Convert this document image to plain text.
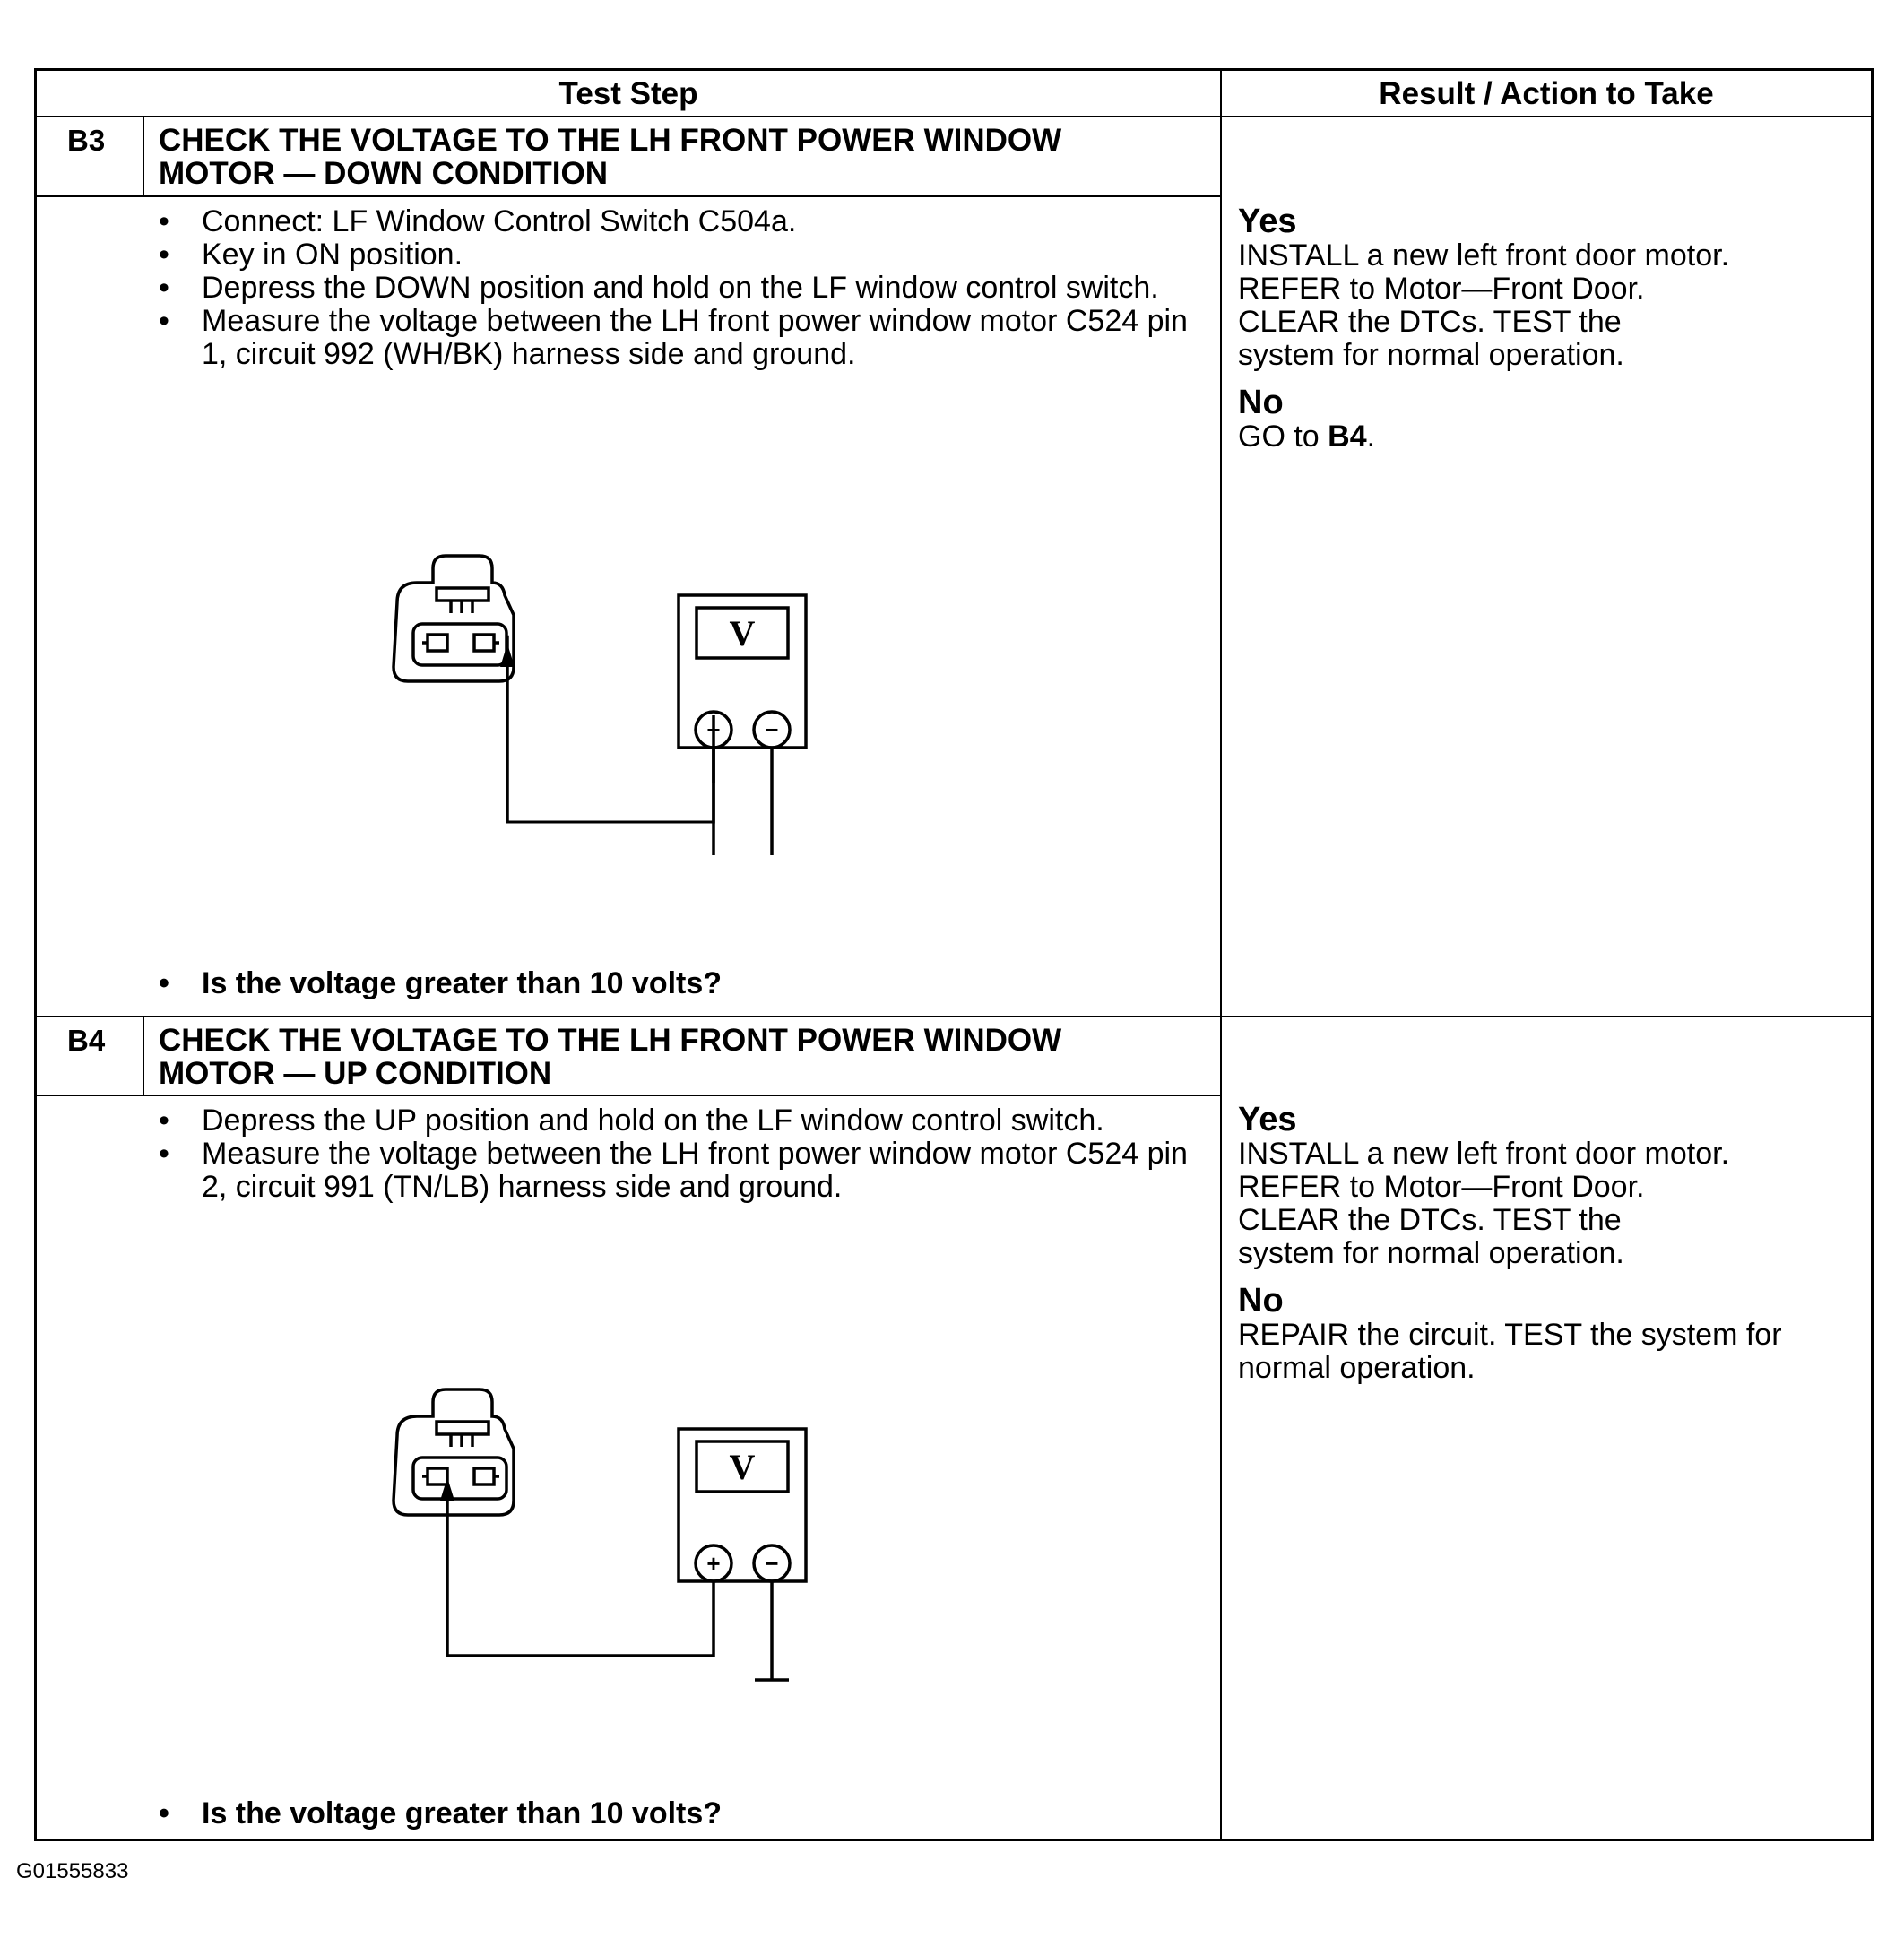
Test Step	Result / Action to Take
B3 CHECK THE VOLTAGE TO THE LH FRONT POWER WINDOW
MOTOR — DOWN CONDITION
• Connect: LF Window Control Switch C504a.
• Key in ON position.
• Depress the DOWN position and hold on the LF window control switch.
• Measure the voltage between the LH front power window motor C524 pin 1, circuit 992 (WH/BK) harness side and ground.
V
+ −
• Is the voltage greater than 10 volts?
Yes
INSTALL a new left front door motor.
REFER to Motor—Front Door.
CLEAR the DTCs. TEST the
system for normal operation.
No
GO to B4.
B4 CHECK THE VOLTAGE TO THE LH FRONT POWER WINDOW
MOTOR — UP CONDITION
• Depress the UP position and hold on the LF window control switch.
• Measure the voltage between the LH front power window motor C524 pin 2, circuit 991 (TN/LB) harness side and ground.
V
+ −
• Is the voltage greater than 10 volts?
Yes
INSTALL a new left front door motor.
REFER to Motor—Front Door.
CLEAR the DTCs. TEST the
system for normal operation.
No
REPAIR the circuit. TEST the system for normal operation.
G01555833
